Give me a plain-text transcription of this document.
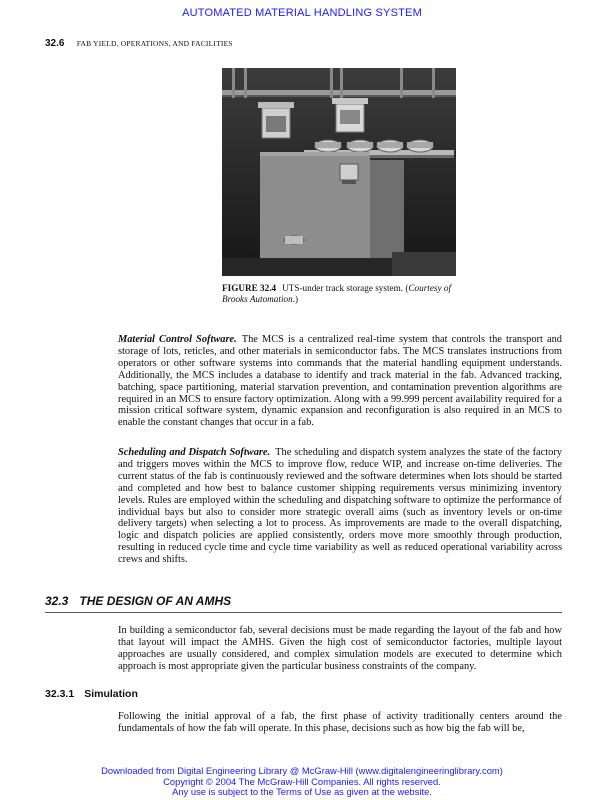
AUTOMATED MATERIAL HANDLING SYSTEM
32.6 FAB YIELD, OPERATIONS, AND FACILITIES
FIGURE 32.4 UTS-under track storage system. (Courtesy of Brooks Automation.)
Material Control Software. The MCS is a centralized real-time system that controls the transport and storage of lots, reticles, and other materials in semiconductor fabs. The MCS translates instructions from operators or other software systems into commands that the material handling equipment understands. Additionally, the MCS includes a database to identify and track material in the fab. Advanced tracking, batching, space partitioning, material starvation prevention, and contamination prevention algorithms are required in an MCS to ensure factory optimization. Along with a 99.999 percent availability required for a mission critical software system, dynamic expansion and reconfiguration is also required in an MCS to enable the constant changes that occur in a fab.
Scheduling and Dispatch Software. The scheduling and dispatch system analyzes the state of the factory and triggers moves within the MCS to improve flow, reduce WIP, and increase on-time deliveries. The current status of the fab is continuously reviewed and the software determines when lots should be started and completed and how best to balance customer shipping requirements versus minimizing inventory levels. Rules are employed within the scheduling and dispatching software to optimize the performance of individual bays but also to consider more strategic overall aims (such as inventory levels or on-time delivery targets) when selecting a lot to process. As improvements are made to the overall dispatching, logic and dispatch policies are applied consistently, orders move more smoothly through production, resulting in reduced cycle time and cycle time variability as well as reduced operational variability across crews and shifts.
32.3 THE DESIGN OF AN AMHS
In building a semiconductor fab, several decisions must be made regarding the layout of the fab and how that layout will impact the AMHS. Given the high cost of semiconductor factories, multiple layout approaches are usually considered, and complex simulation models are executed to determine which approach is most appropriate given the particular business constraints of the company.
32.3.1 Simulation
Following the initial approval of a fab, the first phase of activity traditionally centers around the fundamentals of how the fab will operate. In this phase, decisions such as how big the fab will be,
Downloaded from Digital Engineering Library @ McGraw-Hill (www.digitalengineeringlibrary.com)
Copyright © 2004 The McGraw-Hill Companies. All rights reserved.
Any use is subject to the Terms of Use as given at the website.
